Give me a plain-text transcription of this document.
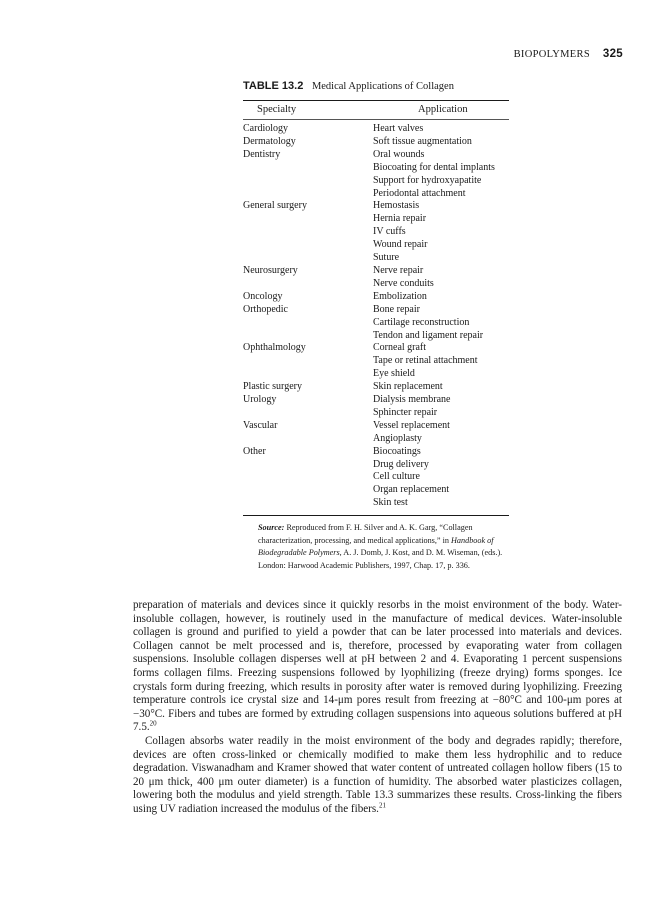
BIOPOLYMERS 325
TABLE 13.2 Medical Applications of Collagen
Specialty	Application
Cardiology	Heart valves
Dermatology	Soft tissue augmentation
Dentistry	Oral wounds
	Biocoating for dental implants
	Support for hydroxyapatite
	Periodontal attachment
General surgery	Hemostasis
	Hernia repair
	IV cuffs
	Wound repair
	Suture
Neurosurgery	Nerve repair
	Nerve conduits
Oncology	Embolization
Orthopedic	Bone repair
	Cartilage reconstruction
	Tendon and ligament repair
Ophthalmology	Corneal graft
	Tape or retinal attachment
	Eye shield
Plastic surgery	Skin replacement
Urology	Dialysis membrane
	Sphincter repair
Vascular	Vessel replacement
	Angioplasty
Other	Biocoatings
	Drug delivery
	Cell culture
	Organ replacement
	Skin test
Source: Reproduced from F. H. Silver and A. K. Garg, “Collagen characterization, processing, and medical applications,” in Handbook of Biodegradable Polymers, A. J. Domb, J. Kost, and D. M. Wiseman, (eds.). London: Harwood Academic Publishers, 1997, Chap. 17, p. 336.

preparation of materials and devices since it quickly resorbs in the moist environment of the body. Water-insoluble collagen, however, is routinely used in the manufacture of medical devices. Water-insoluble collagen is ground and purified to yield a powder that can be later processed into materials and devices. Collagen cannot be melt processed and is, therefore, processed by evaporating water from collagen suspensions. Insoluble collagen disperses well at pH between 2 and 4. Evaporating 1 percent suspensions forms collagen films. Freezing suspensions followed by lyophilizing (freeze drying) forms sponges. Ice crystals form during freezing, which results in porosity after water is removed during lyophilizing. Freezing temperature controls ice crystal size and 14-μm pores result from freezing at −80°C and 100-μm pores at −30°C. Fibers and tubes are formed by extruding collagen suspensions into aqueous solutions buffered at pH 7.5.20

Collagen absorbs water readily in the moist environment of the body and degrades rapidly; therefore, devices are often cross-linked or chemically modified to make them less hydrophilic and to reduce degradation. Viswanadham and Kramer showed that water content of untreated collagen hollow fibers (15 to 20 μm thick, 400 μm outer diameter) is a function of humidity. The absorbed water plasticizes collagen, lowering both the modulus and yield strength. Table 13.3 summarizes these results. Cross-linking the fibers using UV radiation increased the modulus of the fibers.$^{21}$
